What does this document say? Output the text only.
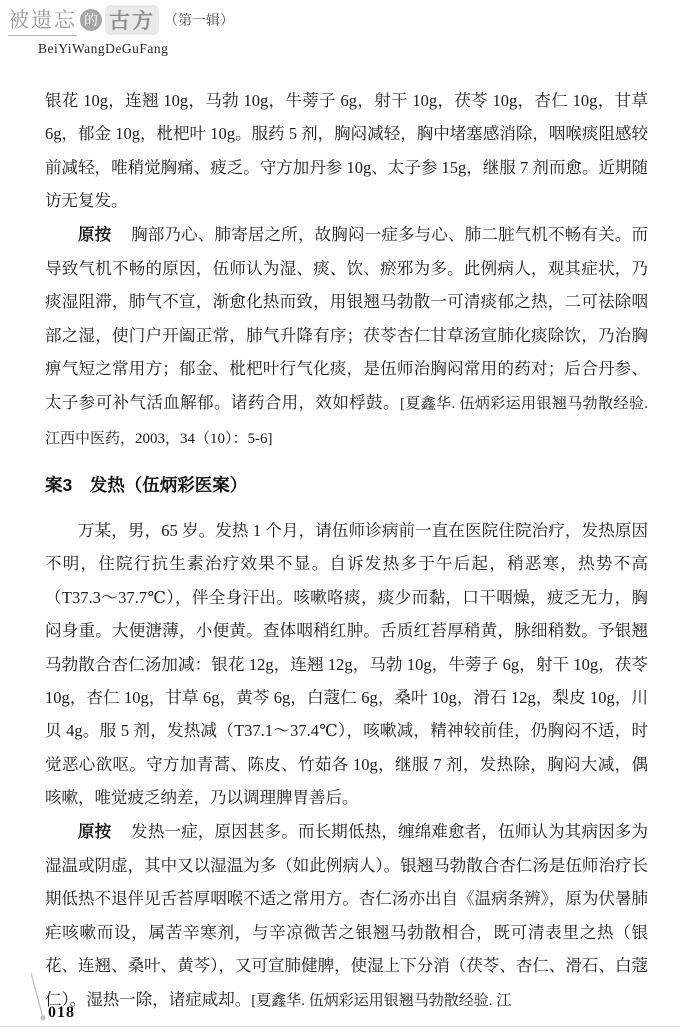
被遗忘 的 古方 （第一辑）
BeiYiWangDeGuFang

银花 10g，连翘 10g，马勃 10g，牛蒡子 6g，射干 10g，茯苓 10g，杏仁 10g，甘草 6g，郁金 10g，枇杷叶 10g。服药 5 剂，胸闷减轻，胸中堵塞感消除，咽喉痰阻感较前减轻，唯稍觉胸痛、疲乏。守方加丹参 10g、太子参 15g，继服 7 剂而愈。近期随访无复发。

原按 胸部乃心、肺寄居之所，故胸闷一症多与心、肺二脏气机不畅有关。而导致气机不畅的原因，伍师认为湿、痰、饮、瘀邪为多。此例病人，观其症状，乃痰湿阻滞，肺气不宣，渐愈化热而致，用银翘马勃散一可清痰郁之热，二可祛除咽部之湿，使门户开阖正常，肺气升降有序；茯苓杏仁甘草汤宣肺化痰除饮，乃治胸痹气短之常用方；郁金、枇杷叶行气化痰，是伍师治胸闷常用的药对；后合丹参、太子参可补气活血解郁。诸药合用，效如桴鼓。[夏鑫华. 伍炳彩运用银翘马勃散经验. 江西中医药，2003，34（10）：5-6]

案3 发热（伍炳彩医案）

万某，男，65 岁。发热 1 个月，请伍师诊病前一直在医院住院治疗，发热原因不明，住院行抗生素治疗效果不显。自诉发热多于午后起，稍恶寒，热势不高（T37.3～37.7℃），伴全身汗出。咳嗽咯痰，痰少而黏，口干咽燥，疲乏无力，胸闷身重。大便溏薄，小便黄。查体咽稍红肿。舌质红苔厚稍黄，脉细稍数。予银翘马勃散合杏仁汤加减：银花 12g，连翘 12g，马勃 10g，牛蒡子 6g，射干 10g，茯苓 10g，杏仁 10g，甘草 6g，黄芩 6g，白蔻仁 6g，桑叶 10g，滑石 12g，梨皮 10g，川贝 4g。服 5 剂，发热减（T37.1～37.4℃），咳嗽减，精神较前佳，仍胸闷不适，时觉恶心欲呕。守方加青蒿、陈皮、竹茹各 10g，继服 7 剂，发热除，胸闷大减，偶咳嗽，唯觉疲乏纳差，乃以调理脾胃善后。

原按 发热一症，原因甚多。而长期低热，缠绵难愈者，伍师认为其病因多为湿温或阴虚，其中又以湿温为多（如此例病人）。银翘马勃散合杏仁汤是伍师治疗长期低热不退伴见舌苔厚咽喉不适之常用方。杏仁汤亦出自《温病条辨》，原为伏暑肺疟咳嗽而设，属苦辛寒剂，与辛凉微苦之银翘马勃散相合，既可清表里之热（银花、连翘、桑叶、黄芩），又可宣肺健脾，使湿上下分消（茯苓、杏仁、滑石、白蔻仁）。湿热一除，诸症咸却。[夏鑫华. 伍炳彩运用银翘马勃散经验. 江

018
